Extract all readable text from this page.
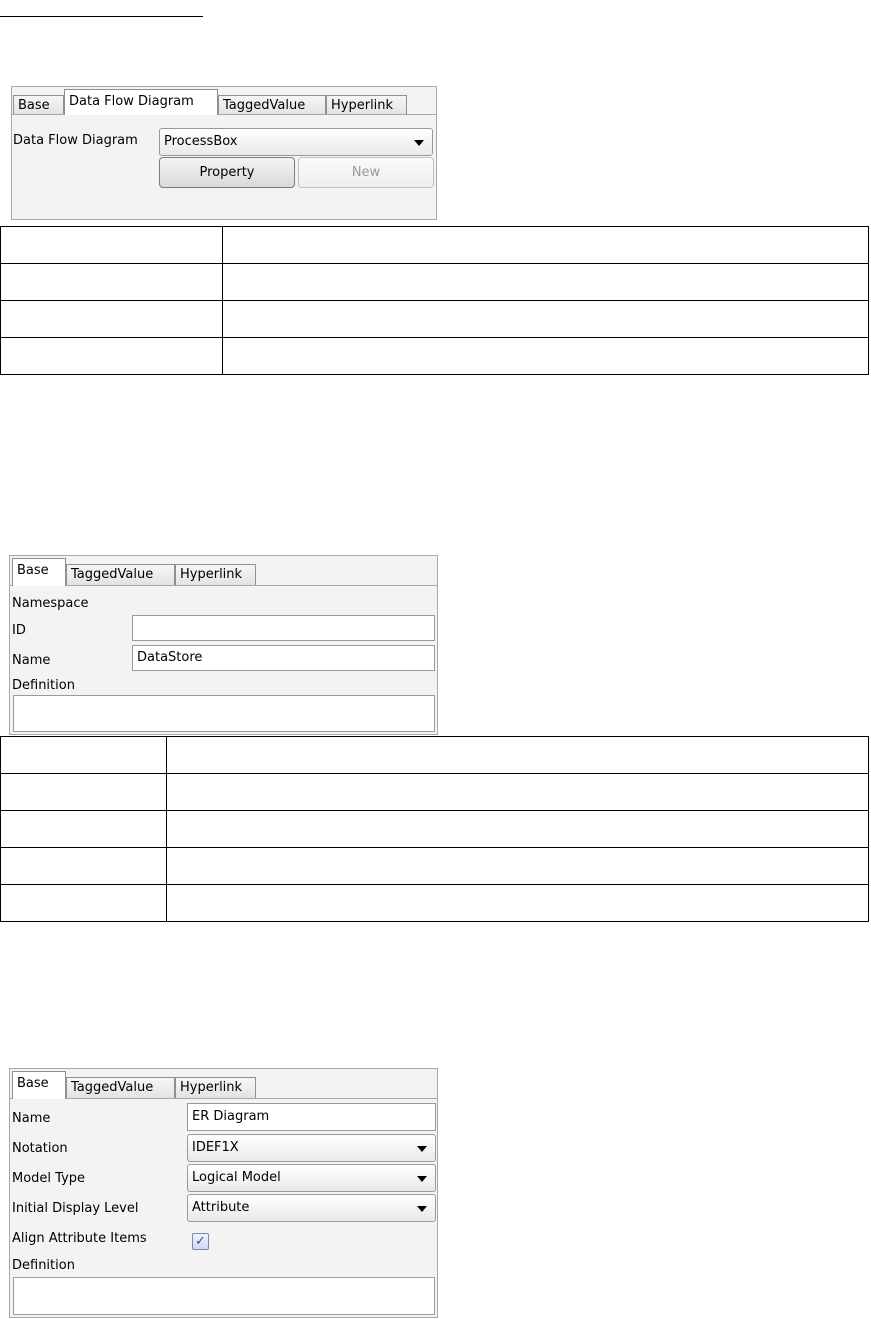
Base	Data Flow Diagram	TaggedValue	Hyperlink
Data Flow Diagram	ProcessBox
Property	New

Base	TaggedValue	Hyperlink
Namespace
ID
Name	DataStore
Definition

Base	TaggedValue	Hyperlink
Name	ER Diagram
Notation	IDEF1X
Model Type	Logical Model
Initial Display Level	Attribute
Align Attribute Items	✓
Definition
